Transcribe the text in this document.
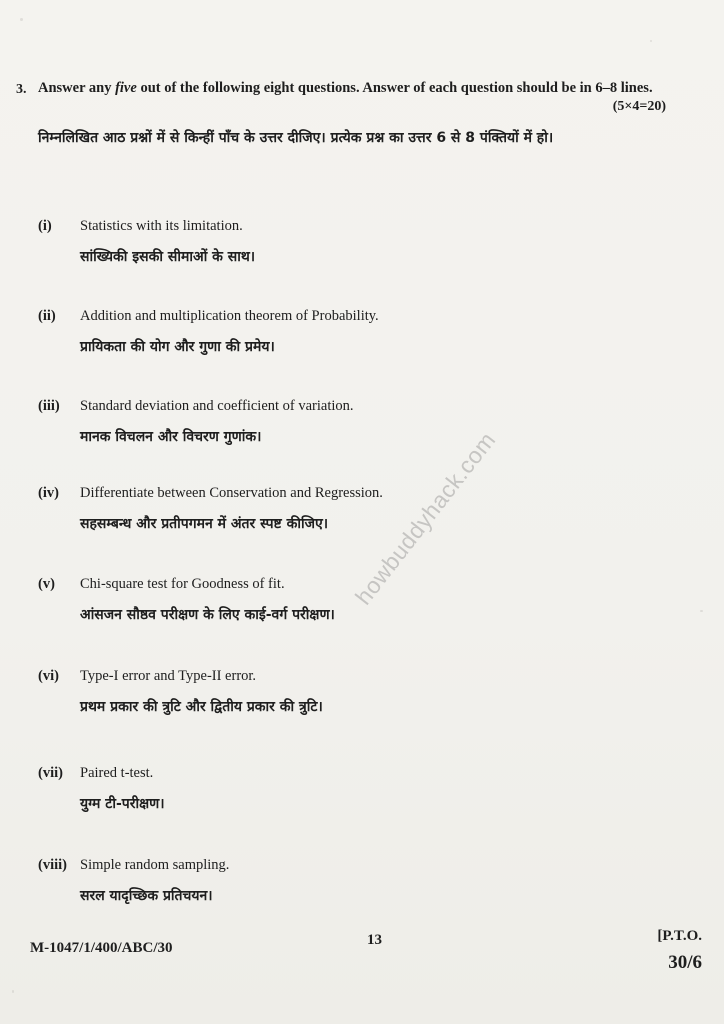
3. Answer any five out of the following eight questions. Answer of each question should be in 6–8 lines.
(5×4=20)
निम्नलिखित आठ प्रश्नों में से किन्हीं पाँच के उत्तर दीजिए। प्रत्येक प्रश्न का उत्तर 6 से 8 पंक्तियों में हो।
(i) Statistics with its limitation.
सांख्यिकी इसकी सीमाओं के साथ।
(ii) Addition and multiplication theorem of Probability.
प्रायिकता की योग और गुणा की प्रमेय।
(iii) Standard deviation and coefficient of variation.
मानक विचलन और विचरण गुणांक।
(iv) Differentiate between Conservation and Regression.
सहसम्बन्ध और प्रतीपगमन में अंतर स्पष्ट कीजिए।
(v) Chi-square test for Goodness of fit.
आंसजन सौष्ठव परीक्षण के लिए काई-वर्ग परीक्षण।
(vi) Type-I error and Type-II error.
प्रथम प्रकार की त्रुटि और द्वितीय प्रकार की त्रुटि।
(vii) Paired t-test.
युग्म टी-परीक्षण।
(viii) Simple random sampling.
सरल यादृच्छिक प्रतिचयन।
howbuddyhack.com
M-1047/1/400/ABC/30	13	[P.T.O.
30/6
